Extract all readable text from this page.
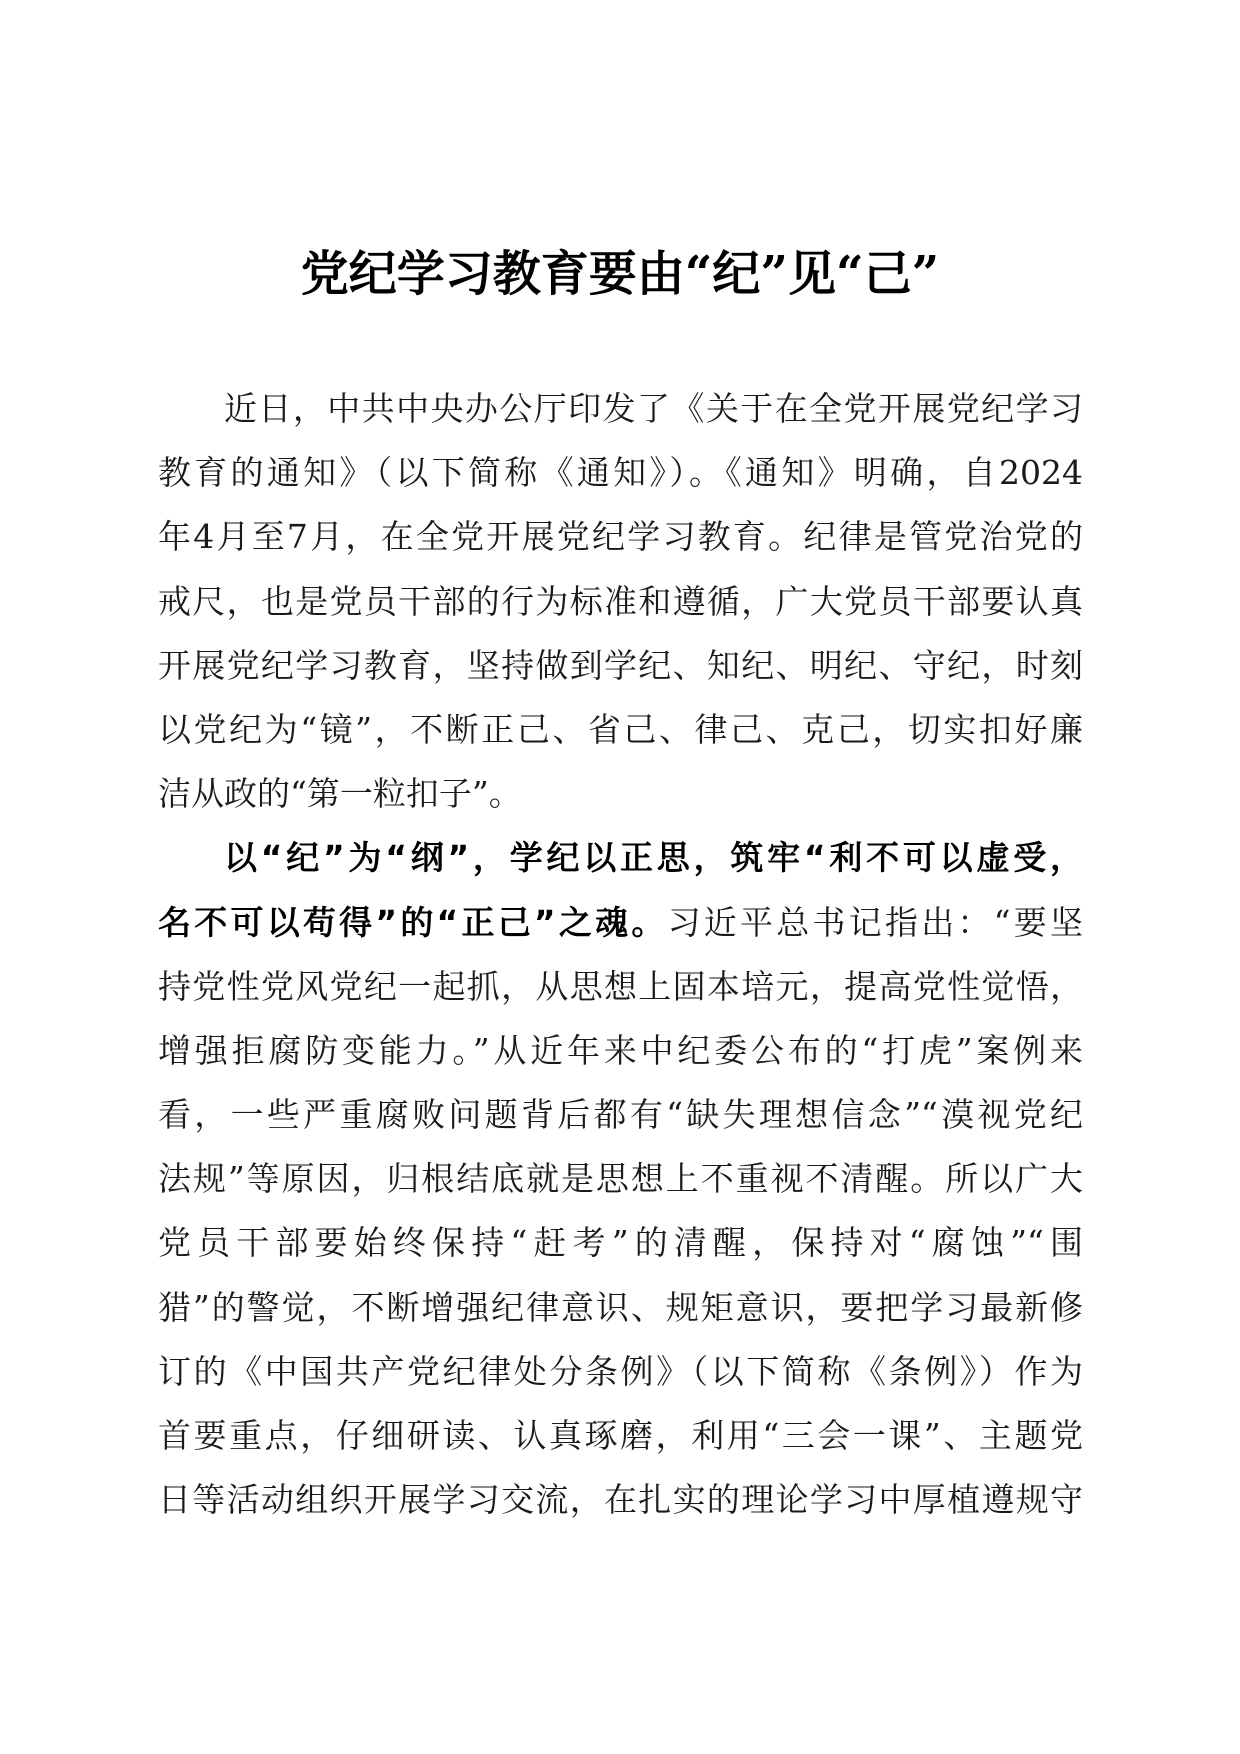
党纪学习教育要由“纪”见“己”
近日，中共中央办公厅印发了《关于在全党开展党纪学习
教育的通知》（以下简称《通知》）。《通知》明确，自2024
年4月至7月，在全党开展党纪学习教育。纪律是管党治党的
戒尺，也是党员干部的行为标准和遵循，广大党员干部要认真
开展党纪学习教育，坚持做到学纪、知纪、明纪、守纪，时刻
以党纪为“镜”，不断正己、省己、律己、克己，切实扣好廉
洁从政的“第一粒扣子”。
以“纪”为“纲”，学纪以正思，筑牢“利不可以虚受，
名不可以苟得”的“正己”之魂。习近平总书记指出：“要坚
持党性党风党纪一起抓，从思想上固本培元，提高党性觉悟，
增强拒腐防变能力。”从近年来中纪委公布的“打虎”案例来
看，一些严重腐败问题背后都有“缺失理想信念”“漠视党纪
法规”等原因，归根结底就是思想上不重视不清醒。所以广大
党员干部要始终保持“赶考”的清醒，保持对“腐蚀”“围
猎”的警觉，不断增强纪律意识、规矩意识，要把学习最新修
订的《中国共产党纪律处分条例》（以下简称《条例》）作为
首要重点，仔细研读、认真琢磨，利用“三会一课”、主题党
日等活动组织开展学习交流，在扎实的理论学习中厚植遵规守
